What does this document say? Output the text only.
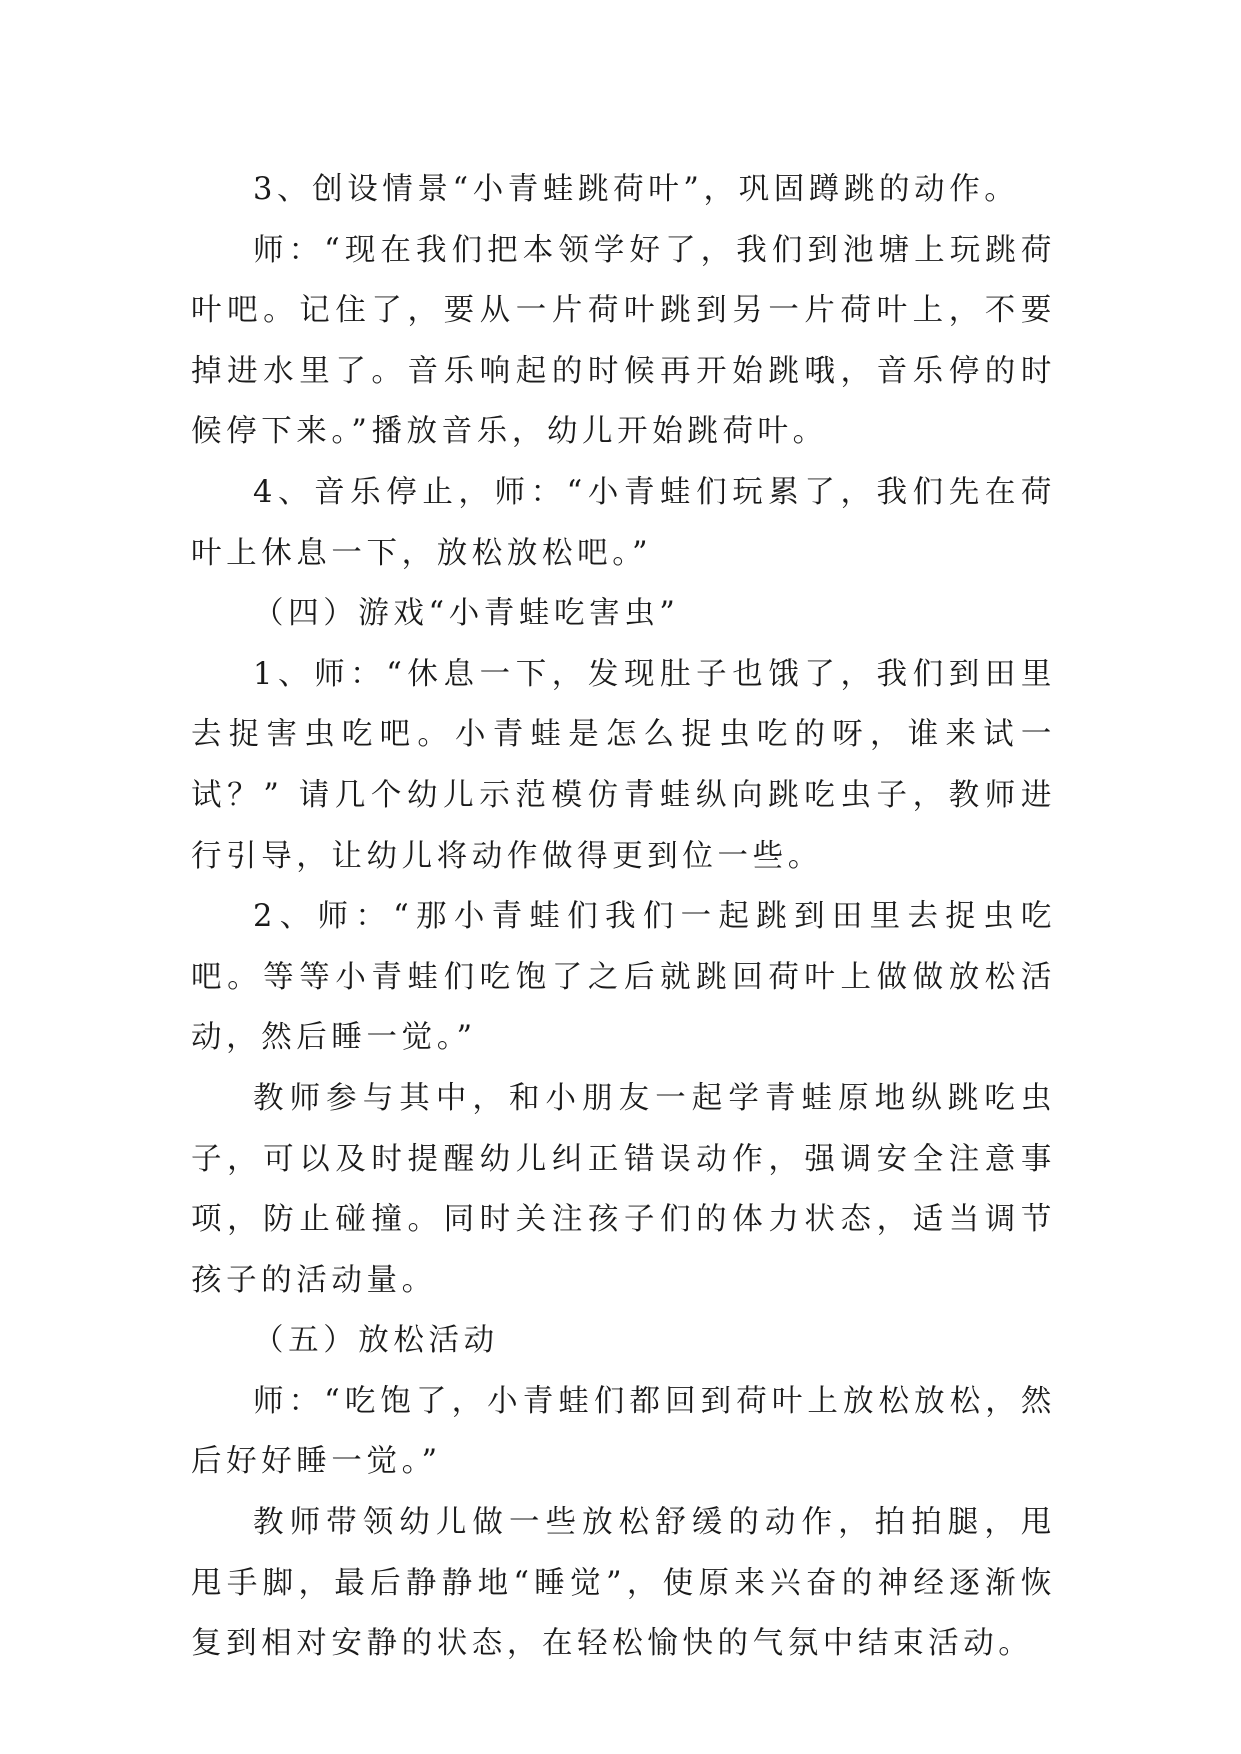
3、创设情景“小青蛙跳荷叶”，巩固蹲跳的动作。

师：“现在我们把本领学好了，我们到池塘上玩跳荷叶吧。记住了，要从一片荷叶跳到另一片荷叶上，不要掉进水里了。音乐响起的时候再开始跳哦，音乐停的时候停下来。”播放音乐，幼儿开始跳荷叶。

4、音乐停止，师：“小青蛙们玩累了，我们先在荷叶上休息一下，放松放松吧。”

（四）游戏“小青蛙吃害虫”

1、师：“休息一下，发现肚子也饿了，我们到田里去捉害虫吃吧。小青蛙是怎么捉虫吃的呀，谁来试一试？” 请几个幼儿示范模仿青蛙纵向跳吃虫子，教师进行引导，让幼儿将动作做得更到位一些。

2、师：“那小青蛙们我们一起跳到田里去捉虫吃吧。等等小青蛙们吃饱了之后就跳回荷叶上做做放松活动，然后睡一觉。”

教师参与其中，和小朋友一起学青蛙原地纵跳吃虫子，可以及时提醒幼儿纠正错误动作，强调安全注意事项，防止碰撞。同时关注孩子们的体力状态，适当调节孩子的活动量。

（五）放松活动

师：“吃饱了，小青蛙们都回到荷叶上放松放松，然后好好睡一觉。”

教师带领幼儿做一些放松舒缓的动作，拍拍腿，甩甩手脚，最后静静地“睡觉”，使原来兴奋的神经逐渐恢复到相对安静的状态，在轻松愉快的气氛中结束活动。
